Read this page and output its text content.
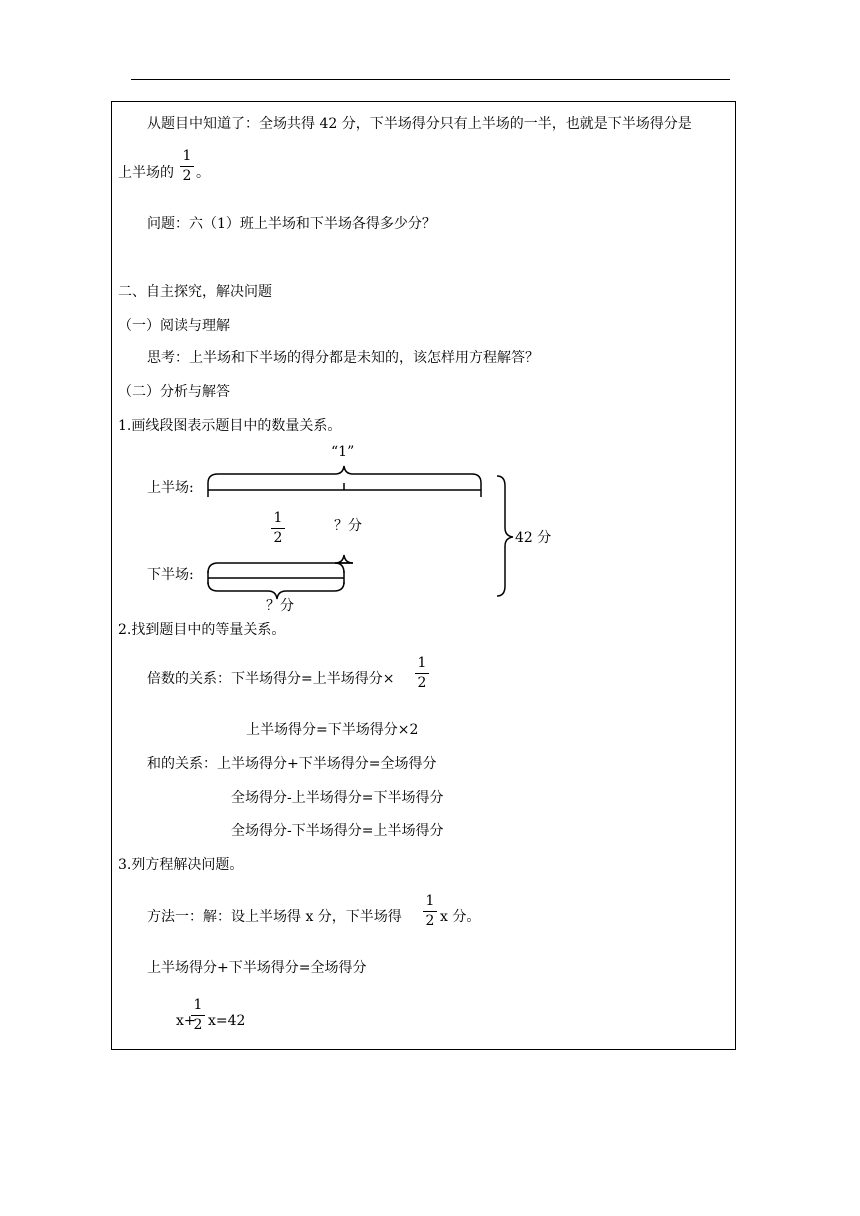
从题目中知道了：全场共得 42 分，下半场得分只有上半场的一半，也就是下半场得分是
上半场的
1
2 。
问题：六（1）班上半场和下半场各得多少分？
二、自主探究，解决问题
（一）阅读与理解
思考：上半场和下半场的得分都是未知的，该怎样用方程解答？
（二）分析与解答
1.画线段图表示题目中的数量关系。
“1”
上半场:
1
2
？分
42 分
下半场:
？分
2.找到题目中的等量关系。
倍数的关系：下半场得分=上半场得分×
1
2
上半场得分=下半场得分×2
和的关系：上半场得分+下半场得分=全场得分
全场得分-上半场得分=下半场得分
全场得分-下半场得分=上半场得分
3.列方程解决问题。
方法一：解：设上半场得 x 分，下半场得
1
2 x 分。
上半场得分+下半场得分=全场得分
x+
1
2 x=42
